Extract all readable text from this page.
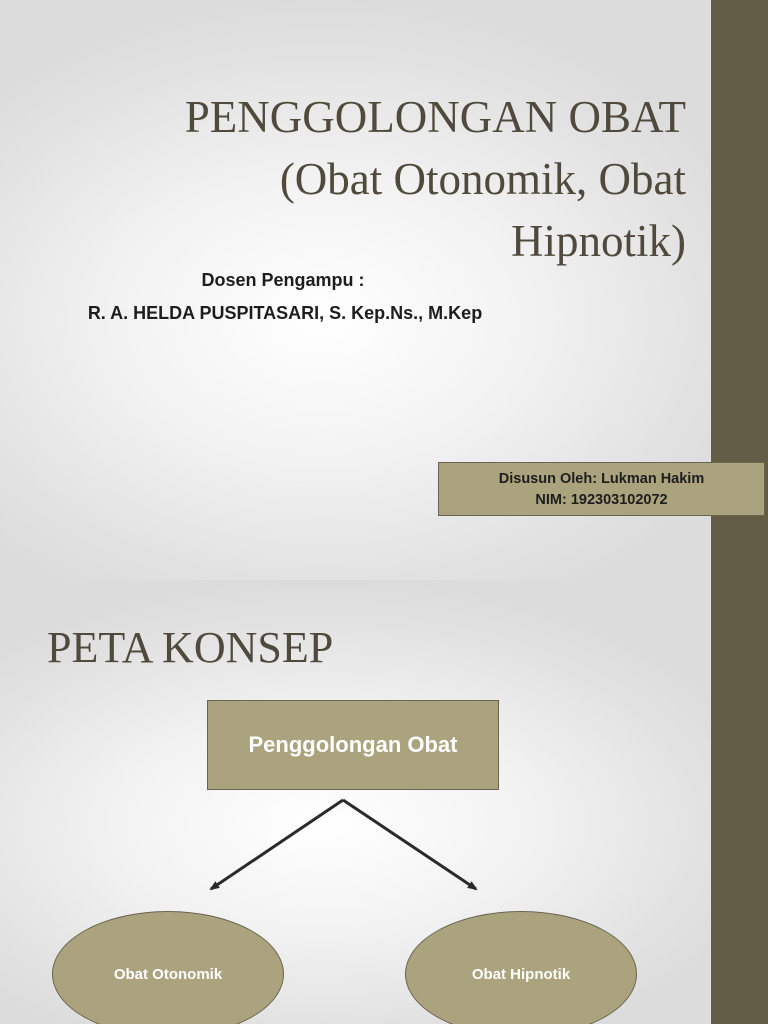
PENGGOLONGAN OBAT
(Obat Otonomik, Obat
Hipnotik)
Dosen Pengampu :
R. A. HELDA PUSPITASARI, S. Kep.Ns., M.Kep
Disusun Oleh: Lukman Hakim
NIM: 192303102072
PETA KONSEP
Penggolongan Obat
Obat Otonomik	Obat Hipnotik
